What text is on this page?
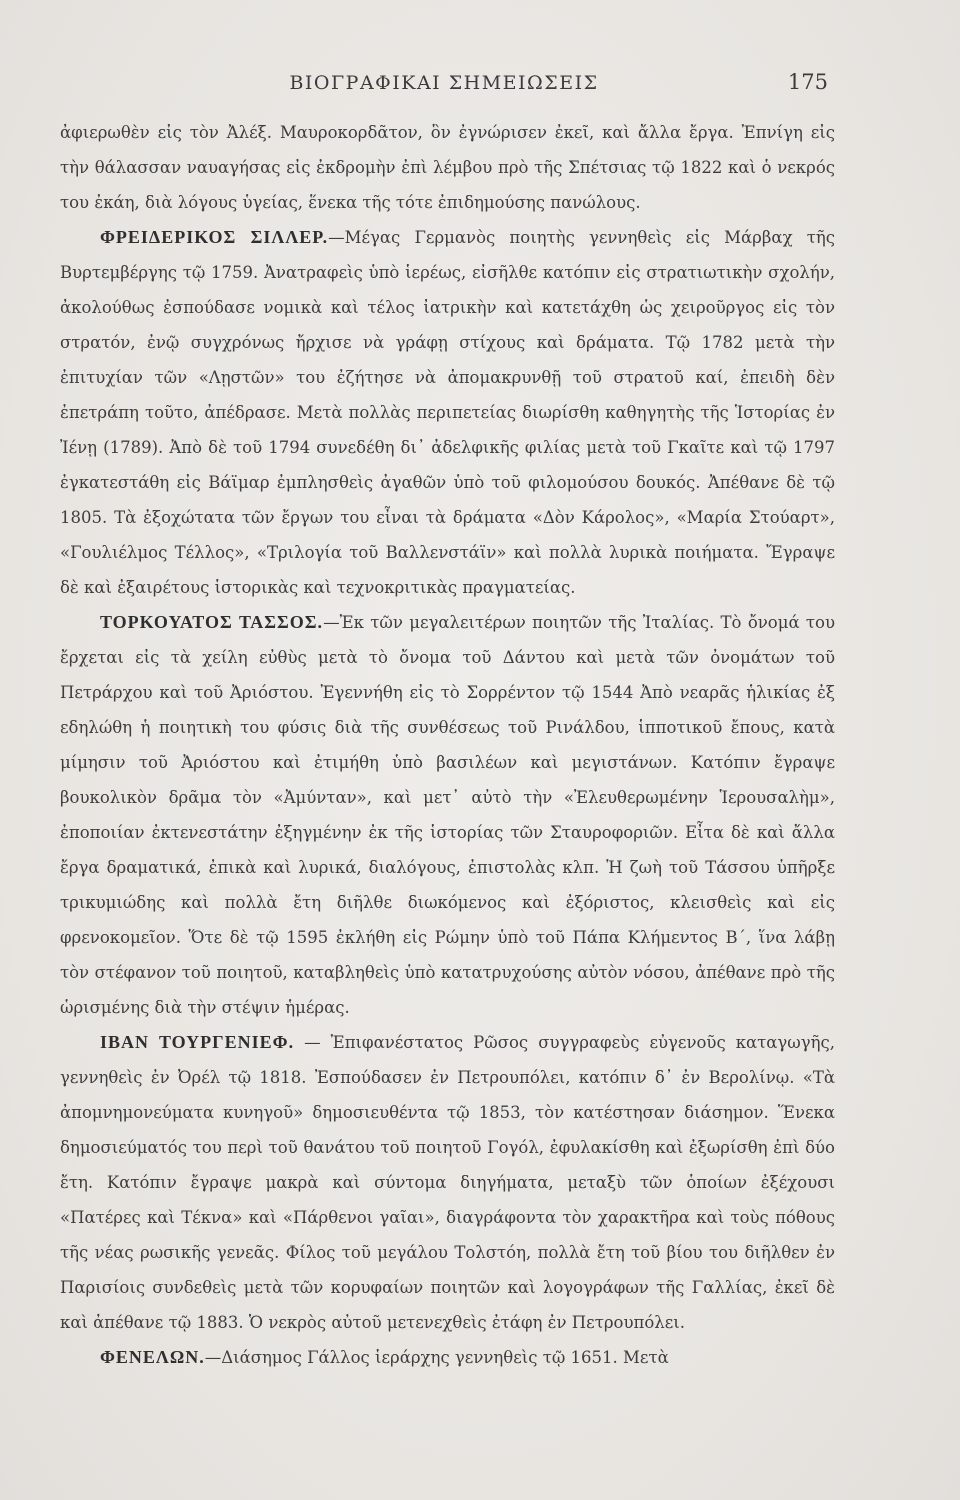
ΒΙΟΓΡΑΦΙΚΑΙ ΣΗΜΕΙΩΣΕΙΣ	175

ἀφιερωθὲν εἰς τὸν Ἀλέξ. Μαυροκορδᾶτον, ὃν ἐγνώρισεν ἐκεῖ, καὶ ἄλλα ἔργα. Ἐπνίγη εἰς τὴν θάλασσαν ναυαγήσας εἰς ἐκδρομὴν ἐπὶ λέμβου πρὸ τῆς Σπέτσιας τῷ 1822 καὶ ὁ νεκρός του ἐκάη, διὰ λόγους ὑγείας, ἕνεκα τῆς τότε ἐπιδημούσης πανώλους.

ΦΡΕΙΔΕΡΙΚΟΣ ΣΙΛΛΕΡ.—Μέγας Γερμανὸς ποιητὴς γεννηθεὶς εἰς Μάρβαχ τῆς Βυρτεμβέργης τῷ 1759. Ἀνατραφεὶς ὑπὸ ἱερέως, εἰσῆλθε κατόπιν εἰς στρατιωτικὴν σχολήν, ἀκολούθως ἐσπούδασε νομικὰ καὶ τέλος ἰατρικὴν καὶ κατετάχθη ὡς χειροῦργος εἰς τὸν στρατόν, ἐνῷ συγχρόνως ἤρχισε νὰ γράφῃ στίχους καὶ δράματα. Τῷ 1782 μετὰ τὴν ἐπιτυχίαν τῶν «Λῃστῶν» του ἐζήτησε νὰ ἀπομακρυνθῇ τοῦ στρατοῦ καί, ἐπειδὴ δὲν ἐπετράπη τοῦτο, ἀπέδρασε. Μετὰ πολλὰς περιπετείας διωρίσθη καθηγητὴς τῆς Ἱστορίας ἐν Ἰένῃ (1789). Ἀπὸ δὲ τοῦ 1794 συνεδέθη δι᾽ ἀδελφικῆς φιλίας μετὰ τοῦ Γκαῖτε καὶ τῷ 1797 ἐγκατεστάθη εἰς Βάϊμαρ ἐμπλησθεὶς ἀγαθῶν ὑπὸ τοῦ φιλομούσου δουκός. Ἀπέθανε δὲ τῷ 1805. Τὰ ἐξοχώτατα τῶν ἔργων του εἶναι τὰ δράματα «Δὸν Κάρολος», «Μαρία Στούαρτ», «Γουλιέλμος Τέλλος», «Τριλογία τοῦ Βαλλενστάϊν» καὶ πολλὰ λυρικὰ ποιήματα. Ἔγραψε δὲ καὶ ἐξαιρέτους ἱστορικὰς καὶ τεχνοκριτικὰς πραγματείας.

ΤΟΡΚΟΥΑΤΟΣ ΤΑΣΣΟΣ.—Ἐκ τῶν μεγαλειτέρων ποιητῶν τῆς Ἰταλίας. Τὸ ὄνομά του ἔρχεται εἰς τὰ χείλη εὐθὺς μετὰ τὸ ὄνομα τοῦ Δάντου καὶ μετὰ τῶν ὀνομάτων τοῦ Πετράρχου καὶ τοῦ Ἀριόστου. Ἐγεννήθη εἰς τὸ Σορρέντον τῷ 1544 Ἀπὸ νεαρᾶς ἡλικίας ἐξ εδηλώθη ἡ ποιητικὴ του φύσις διὰ τῆς συνθέσεως τοῦ Ρινάλδου, ἱπποτικοῦ ἔπους, κατὰ μίμησιν τοῦ Ἀριόστου καὶ ἐτιμήθη ὑπὸ βασιλέων καὶ μεγιστάνων. Κατόπιν ἔγραψε βουκολικὸν δρᾶμα τὸν «Ἀμύνταν», καὶ μετ᾽ αὐτὸ τὴν «Ἐλευθερωμένην Ἱερουσαλὴμ», ἐποποιίαν ἐκτενεστάτην ἐξηγμένην ἐκ τῆς ἱστορίας τῶν Σταυροφοριῶν. Εἶτα δὲ καὶ ἄλλα ἔργα δραματικά, ἐπικὰ καὶ λυρικά, διαλόγους, ἐπιστολὰς κλπ. Ἡ ζωὴ τοῦ Τάσσου ὑπῆρξε τρικυμιώδης καὶ πολλὰ ἔτη διῆλθε διωκόμενος καὶ ἐξόριστος, κλεισθεὶς καὶ εἰς φρενοκομεῖον. Ὅτε δὲ τῷ 1595 ἐκλήθη εἰς Ρώμην ὑπὸ τοῦ Πάπα Κλήμεντος Β´, ἵνα λάβῃ τὸν στέφανον τοῦ ποιητοῦ, καταβληθεὶς ὑπὸ κατατρυχούσης αὐτὸν νόσου, ἀπέθανε πρὸ τῆς ὡρισμένης διὰ τὴν στέψιν ἡμέρας.

ΙΒΑΝ ΤΟΥΡΓΕΝΙΕΦ. — Ἐπιφανέστατος Ρῶσος συγγραφεὺς εὐγενοῦς καταγωγῆς, γεννηθεὶς ἐν Ὀρέλ τῷ 1818. Ἐσπούδασεν ἐν Πετρουπόλει, κατόπιν δ᾽ ἐν Βερολίνῳ. «Τὰ ἀπομνημονεύματα κυνηγοῦ» δημοσιευθέντα τῷ 1853, τὸν κατέστησαν διάσημον. Ἕνεκα δημοσιεύματός του περὶ τοῦ θανάτου τοῦ ποιητοῦ Γογόλ, ἐφυλακίσθη καὶ ἐξωρίσθη ἐπὶ δύο ἔτη. Κατόπιν ἔγραψε μακρὰ καὶ σύντομα διηγήματα, μεταξὺ τῶν ὁποίων ἐξέχουσι «Πατέρες καὶ Τέκνα» καὶ «Πάρθενοι γαῖαι», διαγράφοντα τὸν χαρακτῆρα καὶ τοὺς πόθους τῆς νέας ρωσικῆς γενεᾶς. Φίλος τοῦ μεγάλου Τολστόη, πολλὰ ἔτη τοῦ βίου του διῆλθεν ἐν Παρισίοις συνδεθεὶς μετὰ τῶν κορυφαίων ποιητῶν καὶ λογογράφων τῆς Γαλλίας, ἐκεῖ δὲ καὶ ἀπέθανε τῷ 1883. Ὁ νεκρὸς αὐτοῦ μετενεχθεὶς ἐτάφη ἐν Πετρουπόλει.

ΦΕΝΕΛΩΝ.—Διάσημος Γάλλος ἱεράρχης γεννηθεὶς τῷ 1651. Μετὰ
